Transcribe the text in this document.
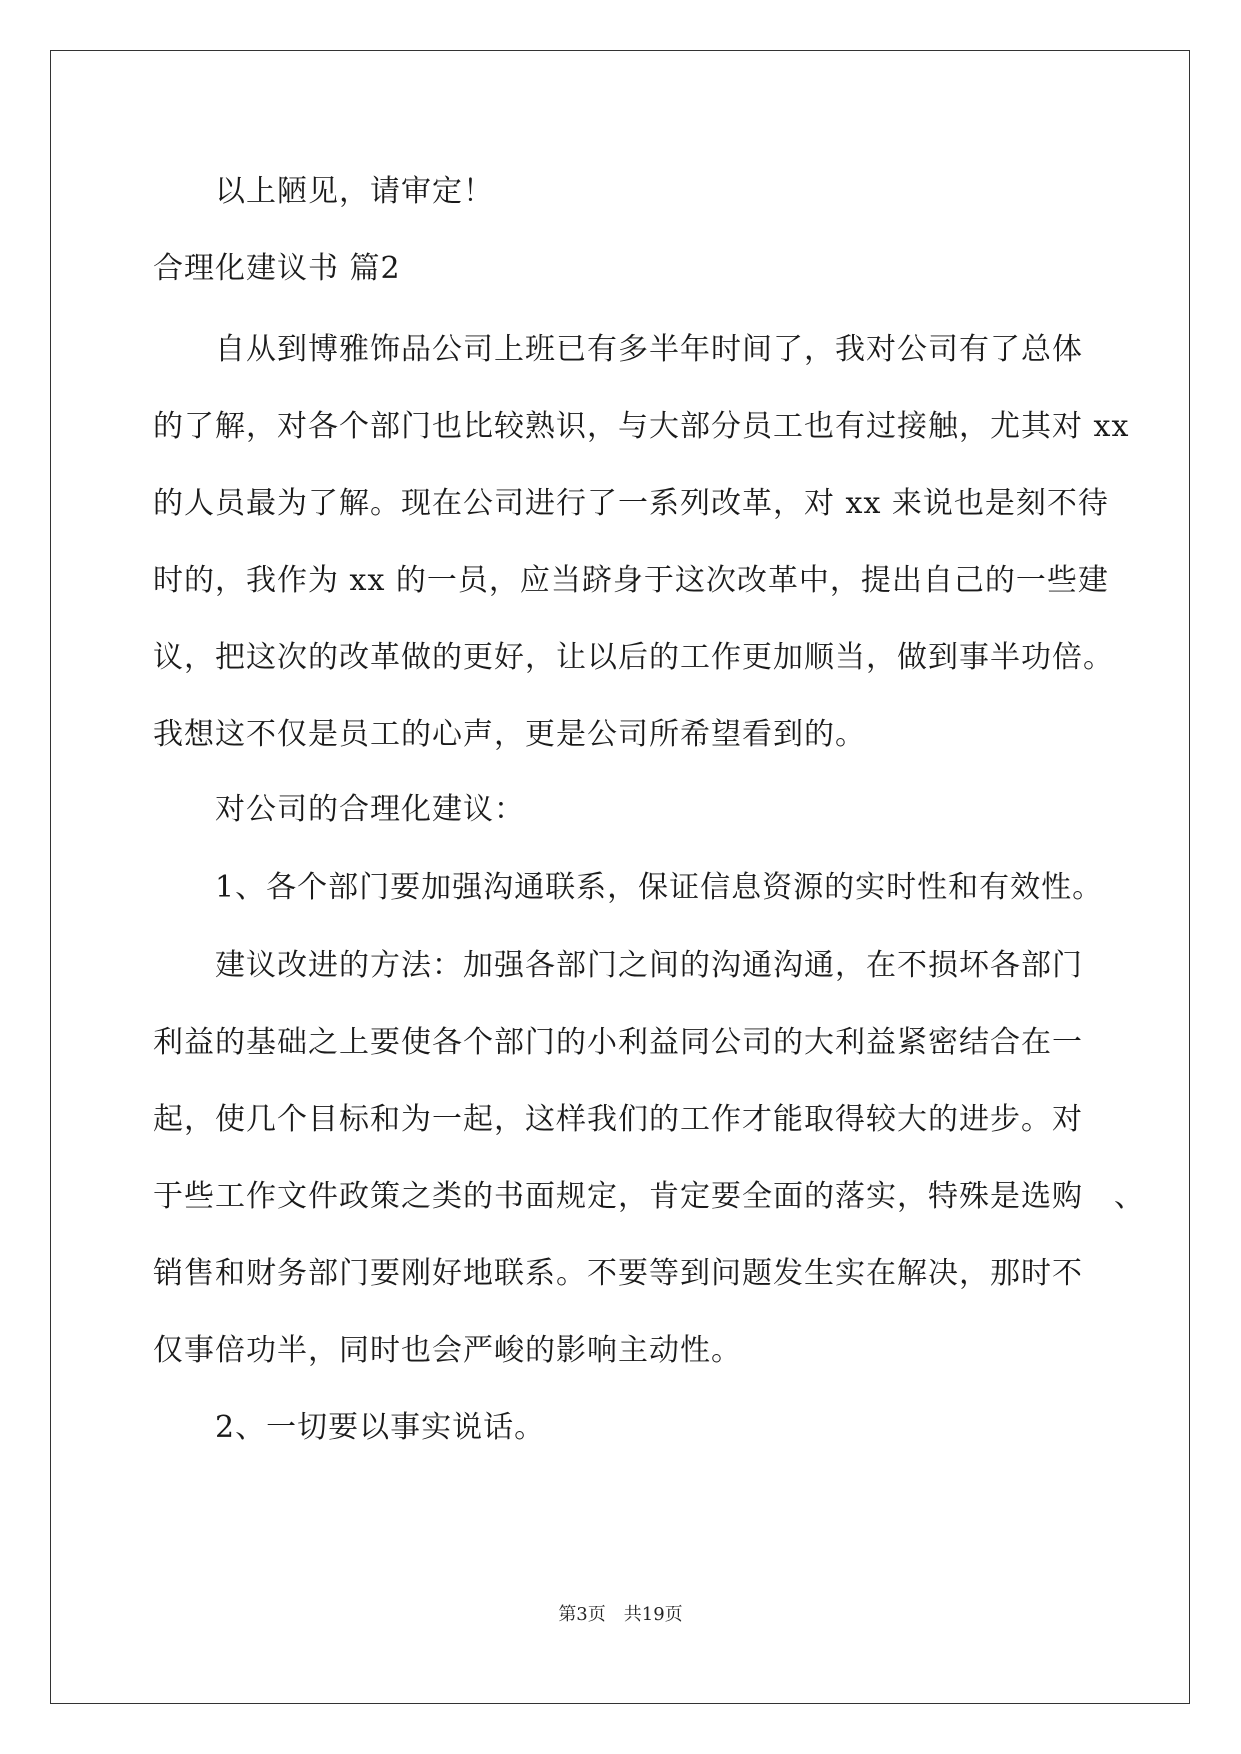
以上陋见，请审定！
合理化建议书 篇2
自从到博雅饰品公司上班已有多半年时间了，我对公司有了总体
的了解，对各个部门也比较熟识，与大部分员工也有过接触，尤其对 xx
的人员最为了解。现在公司进行了一系列改革，对 xx 来说也是刻不待
时的，我作为 xx 的一员，应当跻身于这次改革中，提出自己的一些建
议，把这次的改革做的更好，让以后的工作更加顺当，做到事半功倍。
我想这不仅是员工的心声，更是公司所希望看到的。
对公司的合理化建议：
1、各个部门要加强沟通联系，保证信息资源的实时性和有效性。
建议改进的方法：加强各部门之间的沟通沟通，在不损坏各部门
利益的基础之上要使各个部门的小利益同公司的大利益紧密结合在一
起，使几个目标和为一起，这样我们的工作才能取得较大的进步。对
于些工作文件政策之类的书面规定，肯定要全面的落实，特殊是选购　、
销售和财务部门要刚好地联系。不要等到问题发生实在解决，那时不
仅事倍功半，同时也会严峻的影响主动性。
2、一切要以事实说话。
第3页 共19页
